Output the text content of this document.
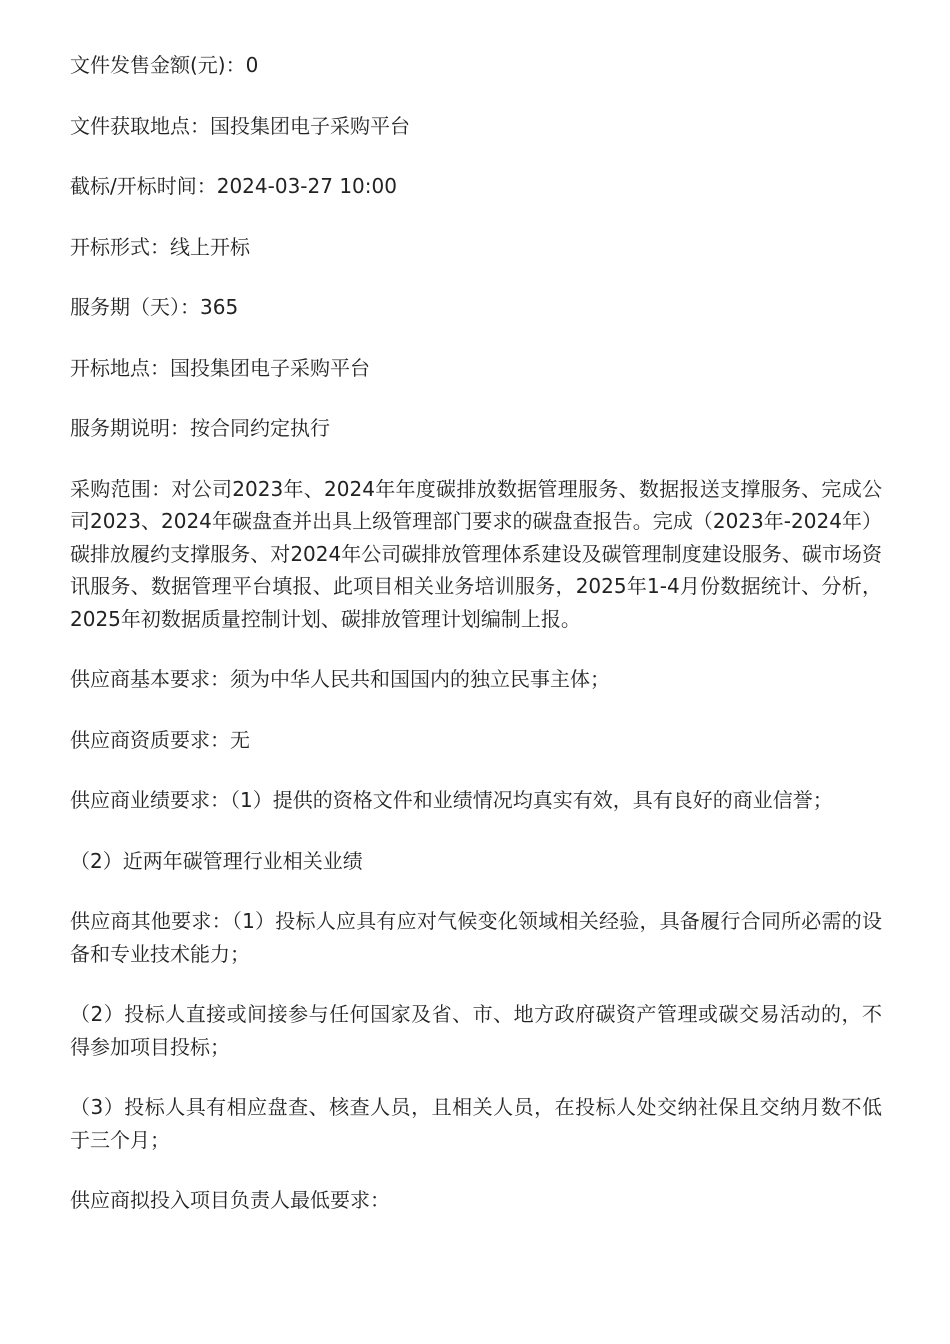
文件发售金额(元)：0

文件获取地点：国投集团电子采购平台

截标/开标时间：2024-03-27 10:00

开标形式：线上开标

服务期（天）：365

开标地点：国投集团电子采购平台

服务期说明：按合同约定执行

采购范围：对公司2023年、2024年年度碳排放数据管理服务、数据报送支撑服务、完成公司2023、2024年碳盘查并出具上级管理部门要求的碳盘查报告。完成（2023年-2024年）碳排放履约支撑服务、对2024年公司碳排放管理体系建设及碳管理制度建设服务、碳市场资讯服务、数据管理平台填报、此项目相关业务培训服务，2025年1-4月份数据统计、分析，2025年初数据质量控制计划、碳排放管理计划编制上报。

供应商基本要求：须为中华人民共和国国内的独立民事主体；

供应商资质要求：无

供应商业绩要求：（1）提供的资格文件和业绩情况均真实有效，具有良好的商业信誉；

（2）近两年碳管理行业相关业绩

供应商其他要求：（1）投标人应具有应对气候变化领域相关经验，具备履行合同所必需的设备和专业技术能力；

（2）投标人直接或间接参与任何国家及省、市、地方政府碳资产管理或碳交易活动的，不得参加项目投标；

（3）投标人具有相应盘查、核查人员，且相关人员，在投标人处交纳社保且交纳月数不低于三个月；

供应商拟投入项目负责人最低要求：
